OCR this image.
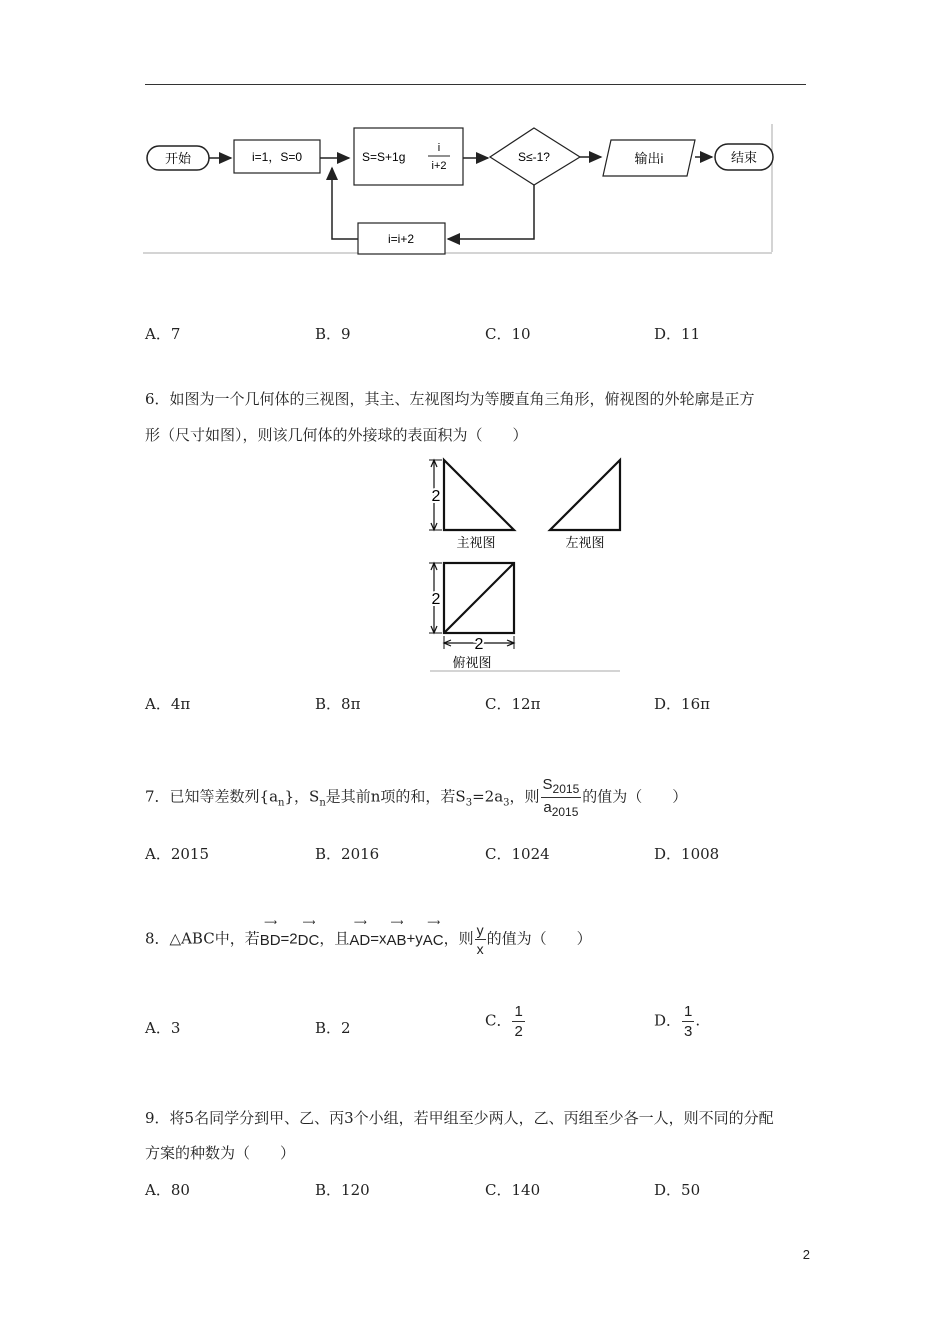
开始	i=1，S=0	S=S+1g
i
i+2
S≤-1?	输出i	结束
i=i+2
A．7	B．9	C．10	D．11
6．如图为一个几何体的三视图，其主、左视图均为等腰直角三角形，俯视图的外轮廓是正方
形（尺寸如图），则该几何体的外接球的表面积为（　　）
2
主视图	左视图
2
2
俯视图
A．4π	B．8π	C．12π	D．16π
7．已知等差数列$\{a_n\}$，$S_n$是其前n项的和，若$S_3=2a_3$，则 $\frac{S_{2015}}{a_{2015}}$ 的值为（　　）
A．2015	B．2016	C．1024	D．1008
8．△ABC中，若
⟶
BD =2
⟶
DC ，且
⟶
AD =x
⟶
AB +y
⟶
AC ，则 $\frac{y}{x}$ 的值为（　　）
A．3	B．2	C． $\frac{1}{2}$	D． $\frac{1}{3}$ .
9．将5名同学分到甲、乙、丙3个小组，若甲组至少两人，乙、丙组至少各一人，则不同的分配
方案的种数为（　　）
A．80	B．120	C．140	D．50
2
